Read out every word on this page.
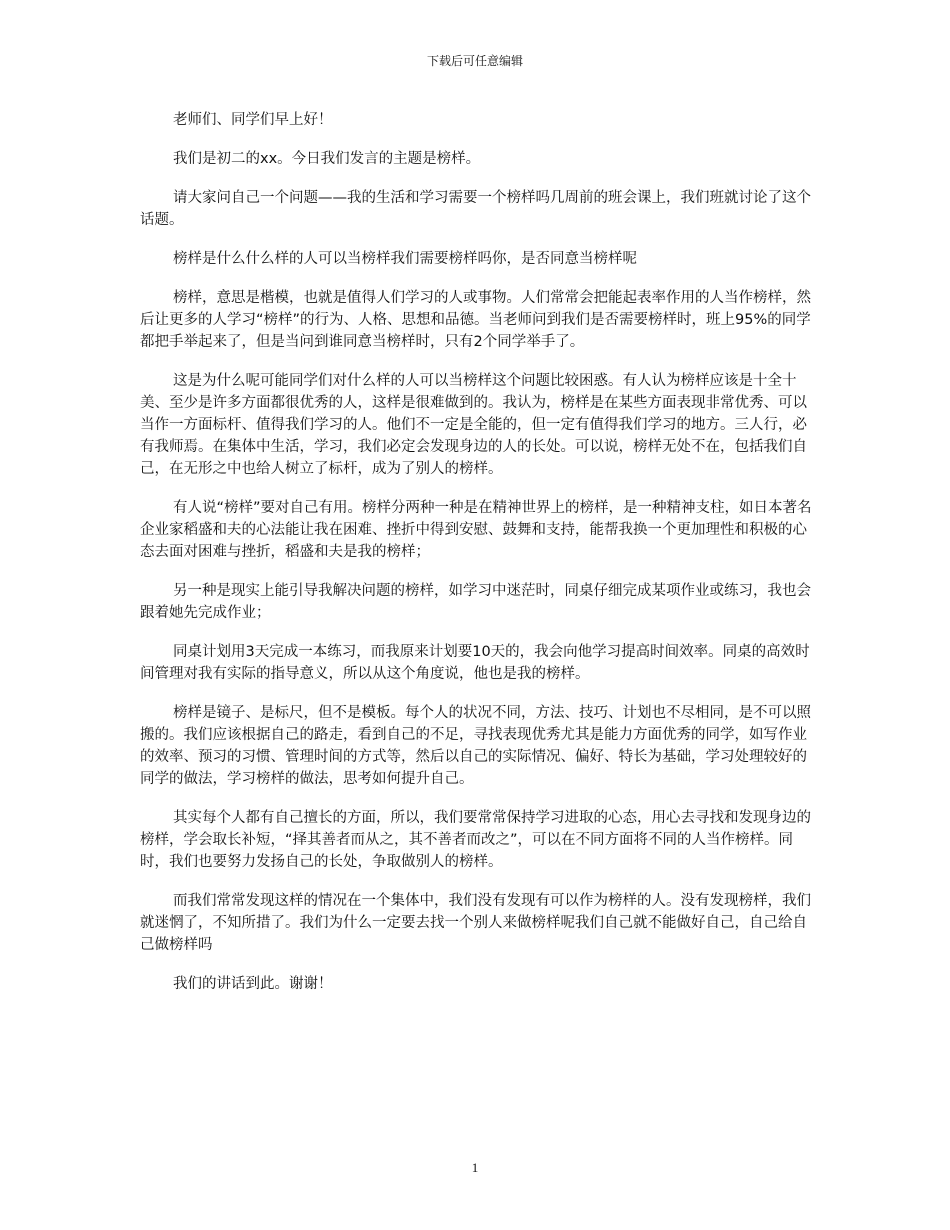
下载后可任意编辑

老师们、同学们早上好！

我们是初二的xx。今日我们发言的主题是榜样。

请大家问自己一个问题——我的生活和学习需要一个榜样吗几周前的班会课上，我们班就讨论了这个话题。

榜样是什么什么样的人可以当榜样我们需要榜样吗你，是否同意当榜样呢

榜样，意思是楷模，也就是值得人们学习的人或事物。人们常常会把能起表率作用的人当作榜样，然后让更多的人学习“榜样”的行为、人格、思想和品德。当老师问到我们是否需要榜样时，班上95%的同学都把手举起来了，但是当问到谁同意当榜样时，只有2个同学举手了。

这是为什么呢可能同学们对什么样的人可以当榜样这个问题比较困惑。有人认为榜样应该是十全十美、至少是许多方面都很优秀的人，这样是很难做到的。我认为，榜样是在某些方面表现非常优秀、可以当作一方面标杆、值得我们学习的人。他们不一定是全能的，但一定有值得我们学习的地方。三人行，必有我师焉。在集体中生活，学习，我们必定会发现身边的人的长处。可以说，榜样无处不在，包括我们自己，在无形之中也给人树立了标杆，成为了别人的榜样。

有人说“榜样”要对自己有用。榜样分两种一种是在精神世界上的榜样，是一种精神支柱，如日本著名企业家稻盛和夫的心法能让我在困难、挫折中得到安慰、鼓舞和支持，能帮我换一个更加理性和积极的心态去面对困难与挫折，稻盛和夫是我的榜样；

另一种是现实上能引导我解决问题的榜样，如学习中迷茫时，同桌仔细完成某项作业或练习，我也会跟着她先完成作业；

同桌计划用3天完成一本练习，而我原来计划要10天的，我会向他学习提高时间效率。同桌的高效时间管理对我有实际的指导意义，所以从这个角度说，他也是我的榜样。

榜样是镜子、是标尺，但不是模板。每个人的状况不同，方法、技巧、计划也不尽相同，是不可以照搬的。我们应该根据自己的路走，看到自己的不足，寻找表现优秀尤其是能力方面优秀的同学，如写作业的效率、预习的习惯、管理时间的方式等，然后以自己的实际情况、偏好、特长为基础，学习处理较好的同学的做法，学习榜样的做法，思考如何提升自己。

其实每个人都有自己擅长的方面，所以，我们要常常保持学习进取的心态，用心去寻找和发现身边的榜样，学会取长补短，“择其善者而从之，其不善者而改之”，可以在不同方面将不同的人当作榜样。同时，我们也要努力发扬自己的长处，争取做别人的榜样。

而我们常常发现这样的情况在一个集体中，我们没有发现有可以作为榜样的人。没有发现榜样，我们就迷惘了，不知所措了。我们为什么一定要去找一个别人来做榜样呢我们自己就不能做好自己，自己给自己做榜样吗

我们的讲话到此。谢谢！

1
